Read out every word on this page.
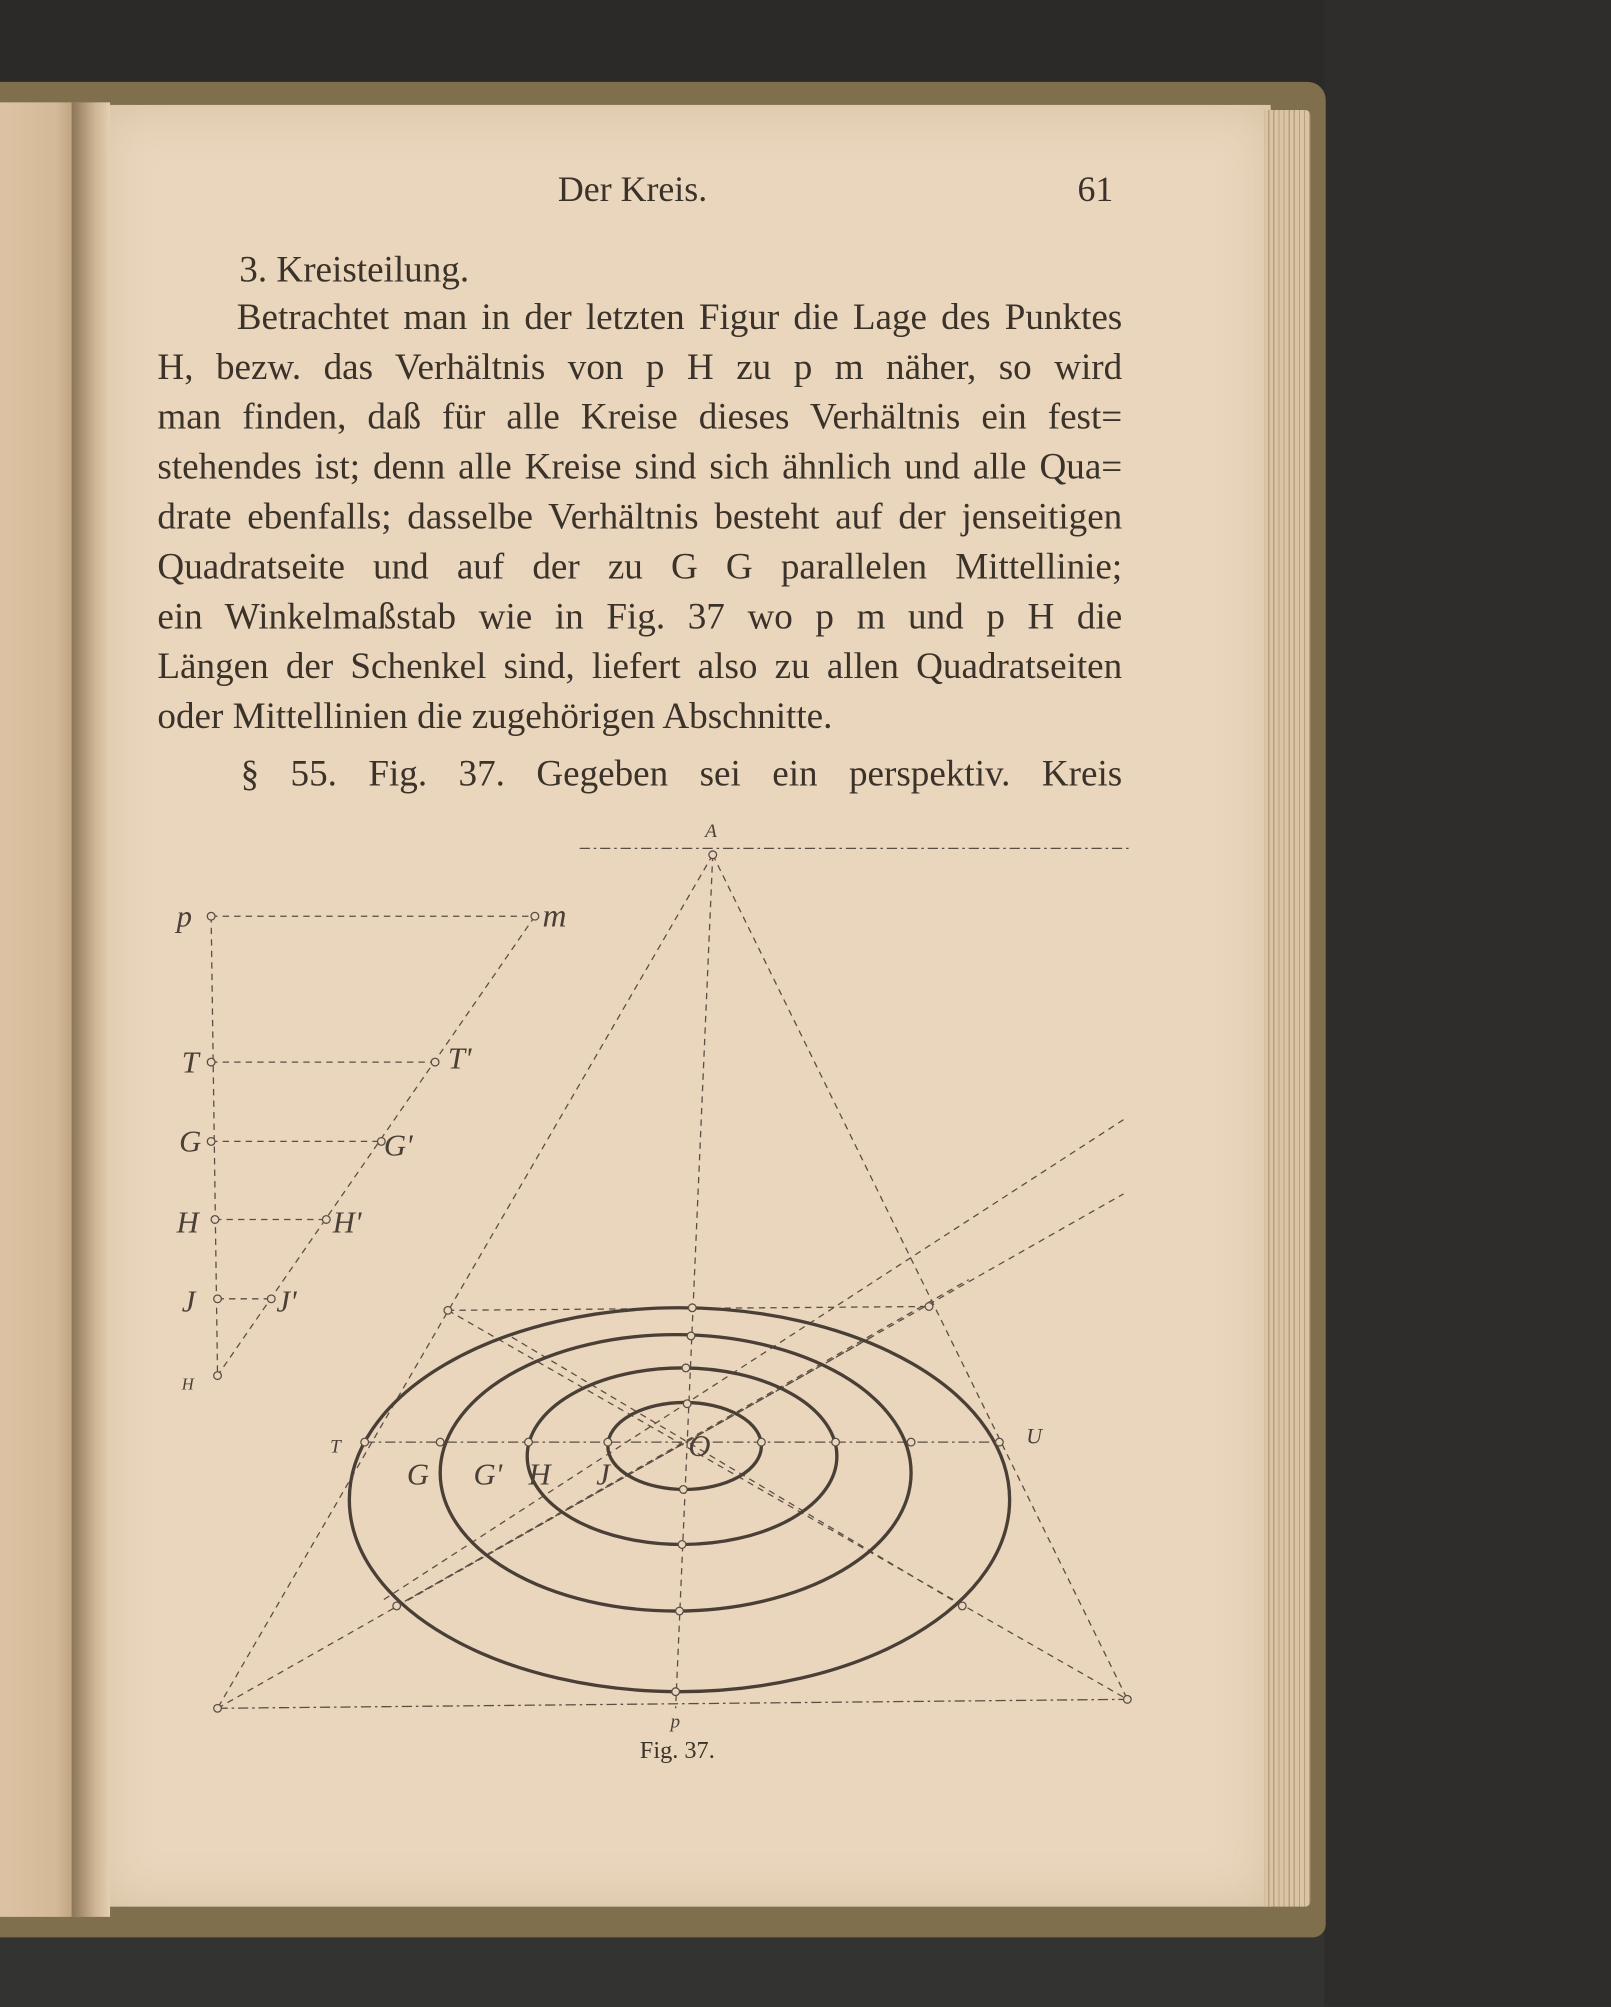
Der Kreis.	61
3. Kreisteilung.
Betrachtet man in der letzten Figur die Lage des Punktes
H, bezw. das Verhältnis von p H zu p m näher, so wird
man finden, daß für alle Kreise dieses Verhältnis ein fest=
stehendes ist; denn alle Kreise sind sich ähnlich und alle Qua=
drate ebenfalls; dasselbe Verhältnis besteht auf der jenseitigen
Quadratseite und auf der zu G G parallelen Mittellinie;
ein Winkelmaßstab wie in Fig. 37 wo p m und p H die
Längen der Schenkel sind, liefert also zu allen Quadratseiten
oder Mittellinien die zugehörigen Abschnitte.
§ 55. Fig. 37. Gegeben sei ein perspektiv. Kreis
A
p	m
T	T'
G	G'
H	H'
J	J'
H
T	U
G G' H J
O
p
Fig. 37.
